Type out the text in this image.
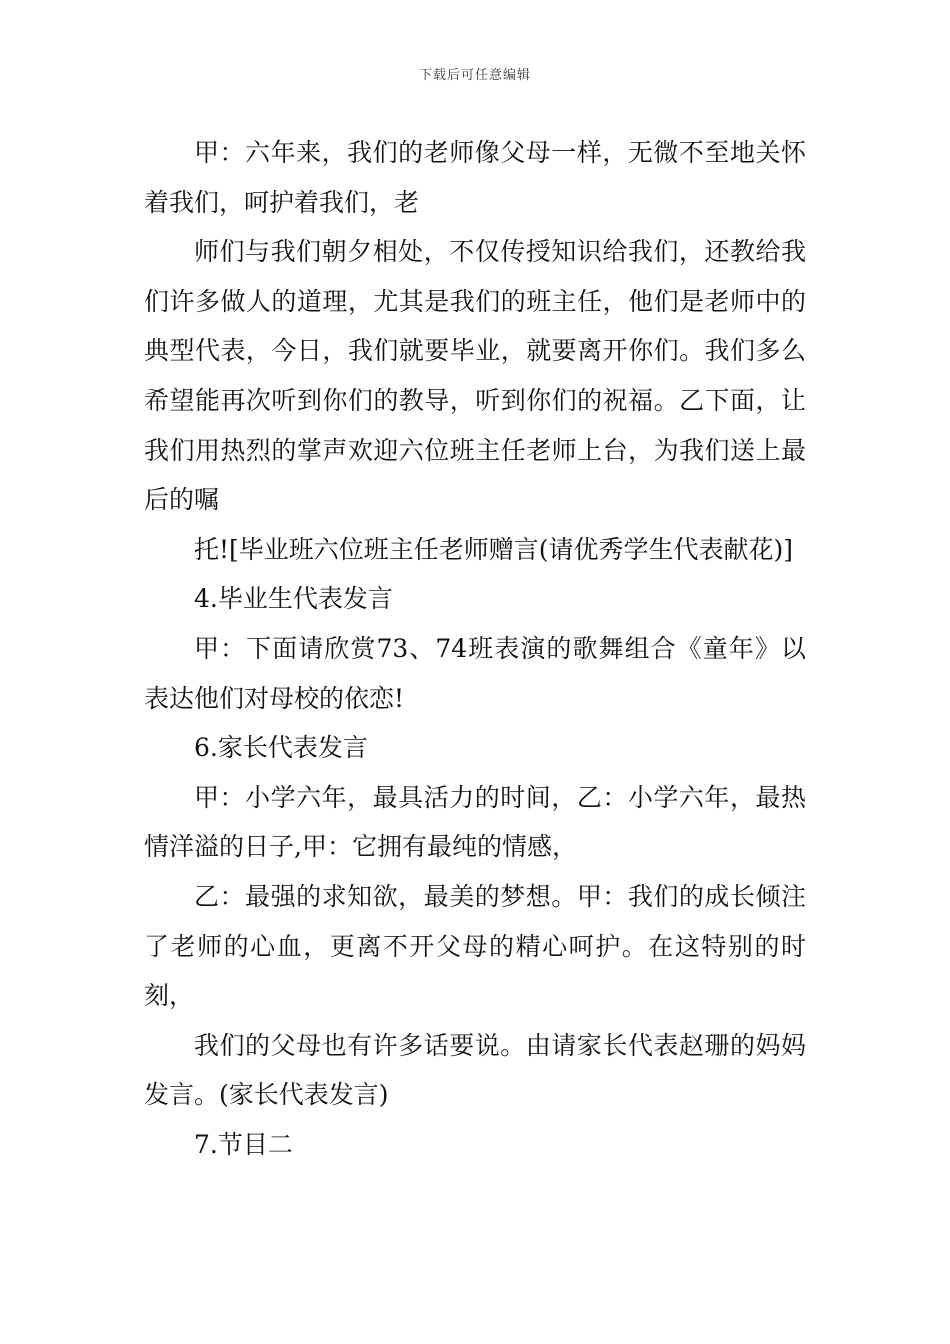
下载后可任意编辑

甲：六年来，我们的老师像父母一样，无微不至地关怀着我们，呵护着我们，老

师们与我们朝夕相处，不仅传授知识给我们，还教给我们许多做人的道理，尤其是我们的班主任，他们是老师中的典型代表，今日，我们就要毕业，就要离开你们。我们多么希望能再次听到你们的教导，听到你们的祝福。乙下面，让我们用热烈的掌声欢迎六位班主任老师上台，为我们送上最后的嘱

托![毕业班六位班主任老师赠言(请优秀学生代表献花)]

4.毕业生代表发言

甲：下面请欣赏73、74班表演的歌舞组合《童年》以表达他们对母校的依恋!

6.家长代表发言

甲：小学六年，最具活力的时间，乙：小学六年，最热情洋溢的日子,甲：它拥有最纯的情感，

乙：最强的求知欲，最美的梦想。甲：我们的成长倾注了老师的心血，更离不开父母的精心呵护。在这特别的时刻，

我们的父母也有许多话要说。由请家长代表赵珊的妈妈发言。(家长代表发言)

7.节目二
